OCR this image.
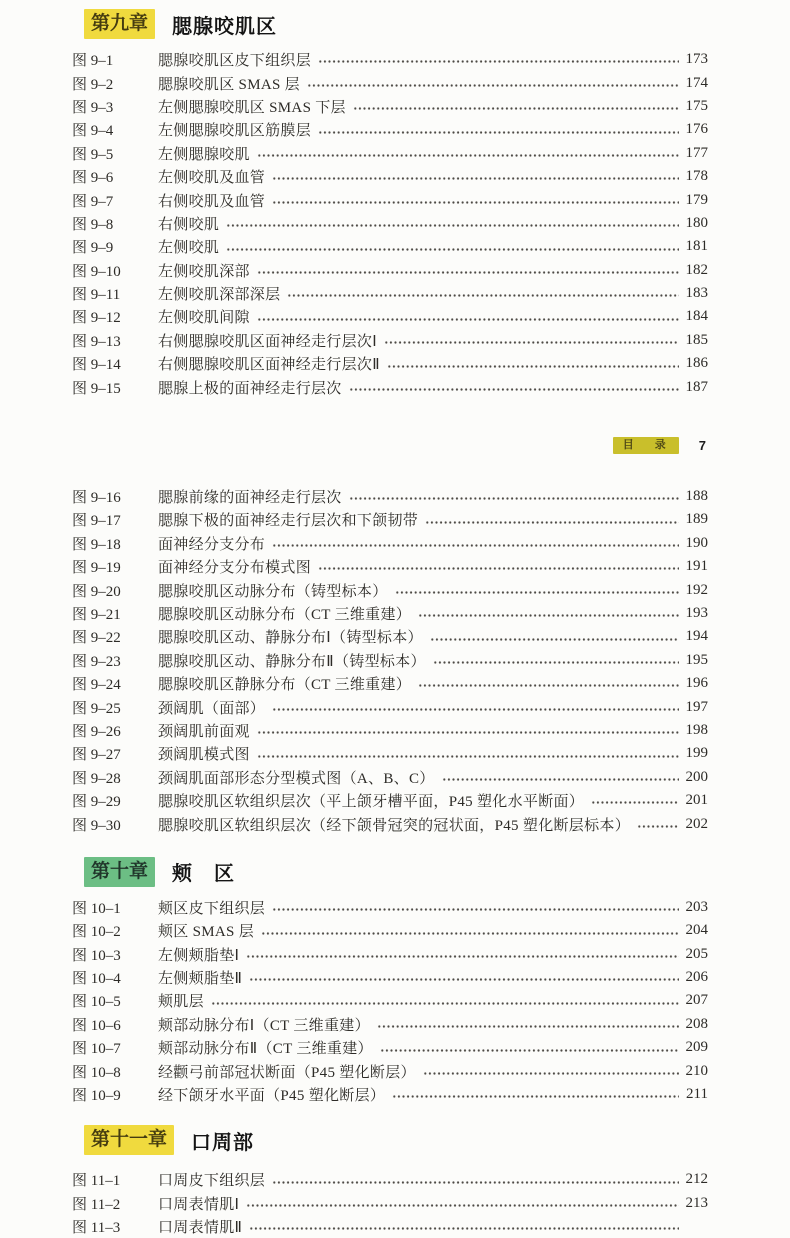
第九章	腮腺咬肌区
图 9–1	腮腺咬肌区皮下组织层	173
图 9–2	腮腺咬肌区 SMAS 层	174
图 9–3	左侧腮腺咬肌区 SMAS 下层	175
图 9–4	左侧腮腺咬肌区筋膜层	176
图 9–5	左侧腮腺咬肌	177
图 9–6	左侧咬肌及血管	178
图 9–7	右侧咬肌及血管	179
图 9–8	右侧咬肌	180
图 9–9	左侧咬肌	181
图 9–10	左侧咬肌深部	182
图 9–11	左侧咬肌深部深层	183
图 9–12	左侧咬肌间隙	184
图 9–13	右侧腮腺咬肌区面神经走行层次Ⅰ	185
图 9–14	右侧腮腺咬肌区面神经走行层次Ⅱ	186
图 9–15	腮腺上极的面神经走行层次	187
目 录	7
图 9–16	腮腺前缘的面神经走行层次	188
图 9–17	腮腺下极的面神经走行层次和下颌韧带	189
图 9–18	面神经分支分布	190
图 9–19	面神经分支分布模式图	191
图 9–20	腮腺咬肌区动脉分布（铸型标本）	192
图 9–21	腮腺咬肌区动脉分布（CT 三维重建）	193
图 9–22	腮腺咬肌区动、静脉分布Ⅰ（铸型标本）	194
图 9–23	腮腺咬肌区动、静脉分布Ⅱ（铸型标本）	195
图 9–24	腮腺咬肌区静脉分布（CT 三维重建）	196
图 9–25	颈阔肌（面部）	197
图 9–26	颈阔肌前面观	198
图 9–27	颈阔肌模式图	199
图 9–28	颈阔肌面部形态分型模式图（A、B、C）	200
图 9–29	腮腺咬肌区软组织层次（平上颌牙槽平面，P45 塑化水平断面）	201
图 9–30	腮腺咬肌区软组织层次（经下颌骨冠突的冠状面，P45 塑化断层标本）	202
第十章	颊　区
图 10–1	颊区皮下组织层	203
图 10–2	颊区 SMAS 层	204
图 10–3	左侧颊脂垫Ⅰ	205
图 10–4	左侧颊脂垫Ⅱ	206
图 10–5	颊肌层	207
图 10–6	颊部动脉分布Ⅰ（CT 三维重建）	208
图 10–7	颊部动脉分布Ⅱ（CT 三维重建）	209
图 10–8	经颧弓前部冠状断面（P45 塑化断层）	210
图 10–9	经下颌牙水平面（P45 塑化断层）	211
第十一章	口周部
图 11–1	口周皮下组织层	212
图 11–2	口周表情肌Ⅰ	213
图 11–3	口周表情肌Ⅱ
